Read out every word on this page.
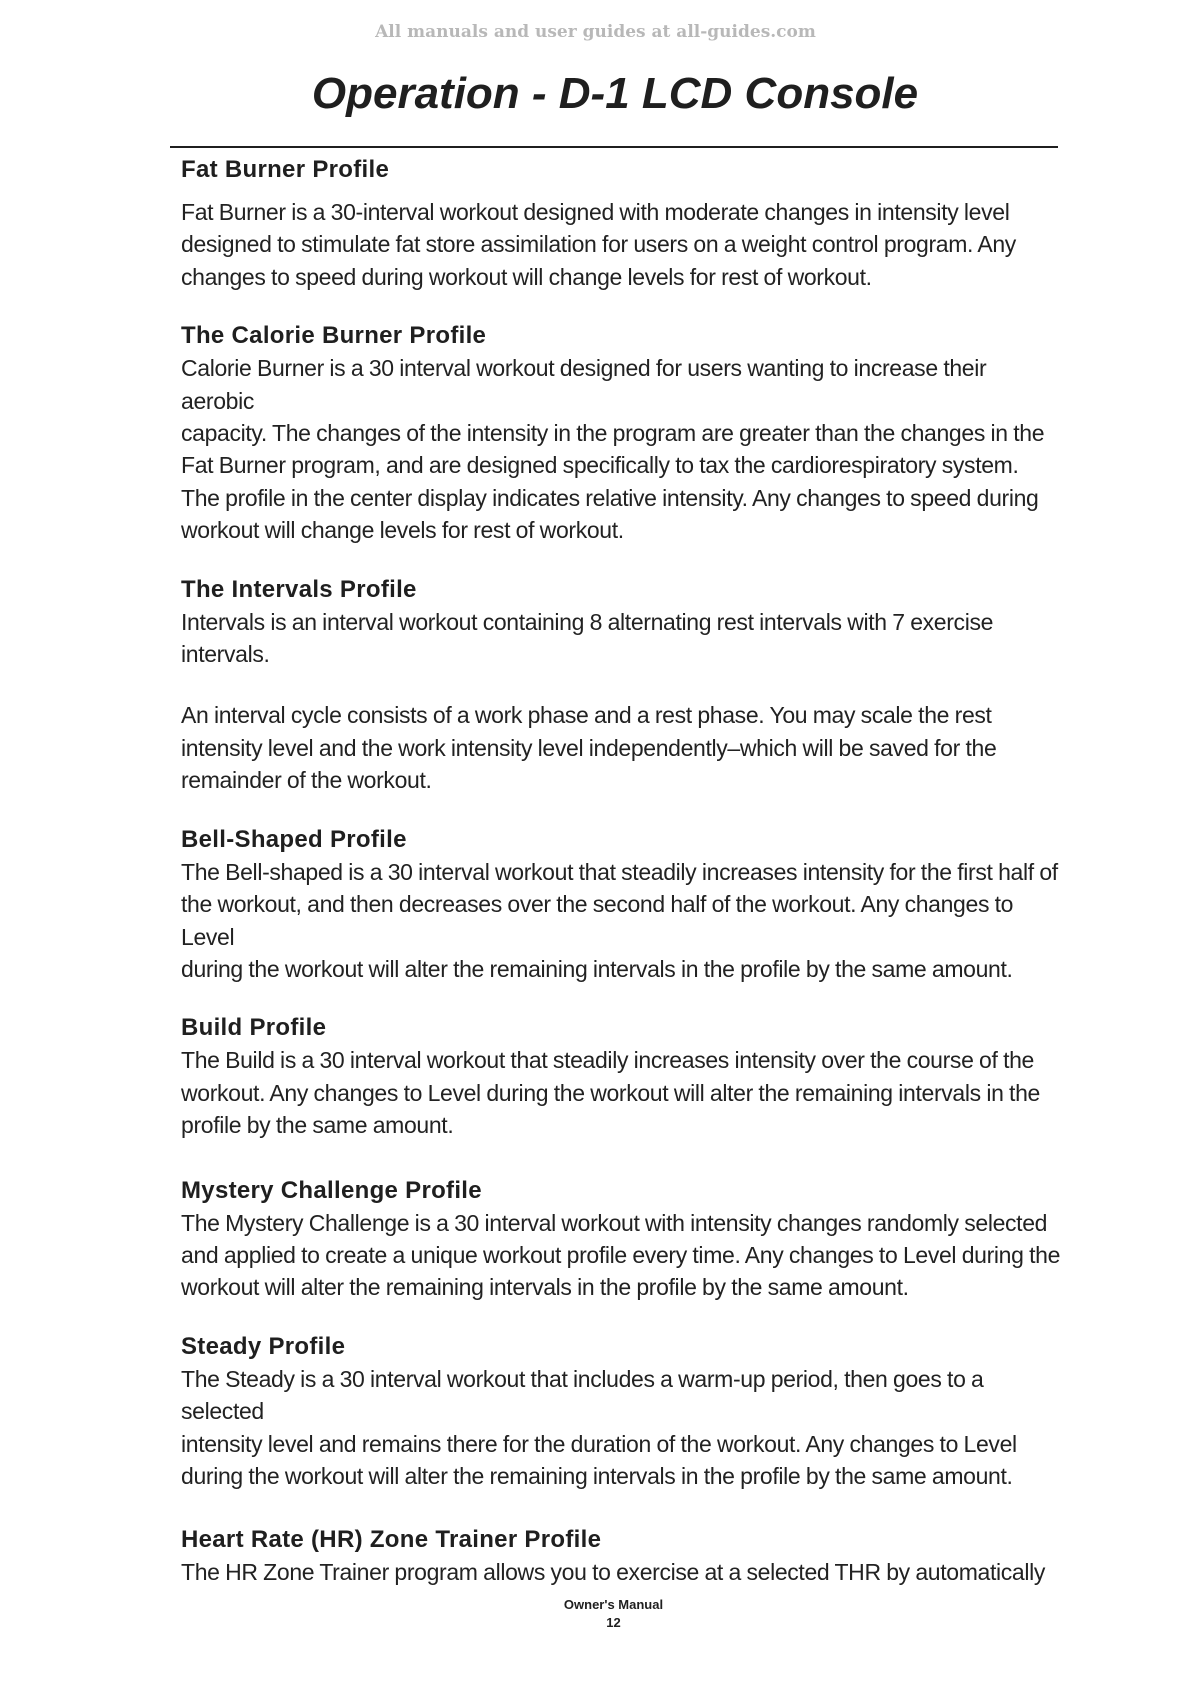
All manuals and user guides at all-guides.com
Operation - D-1 LCD Console
Fat Burner Profile

Fat Burner is a 30-interval workout designed with moderate changes in intensity level
designed to stimulate fat store assimilation for users on a weight control program. Any
changes to speed during workout will change levels for rest of workout.

The Calorie Burner Profile

Calorie Burner is a 30 interval workout designed for users wanting to increase their aerobic
capacity. The changes of the intensity in the program are greater than the changes in the
Fat Burner program, and are designed specifically to tax the cardiorespiratory system.
The profile in the center display indicates relative intensity. Any changes to speed during
workout will change levels for rest of workout.

The Intervals Profile

Intervals is an interval workout containing 8 alternating rest intervals with 7 exercise
intervals.

An interval cycle consists of a work phase and a rest phase. You may scale the rest
intensity level and the work intensity level independently–which will be saved for the
remainder of the workout.

Bell-Shaped Profile

The Bell-shaped is a 30 interval workout that steadily increases intensity for the first half of
the workout, and then decreases over the second half of the workout. Any changes to Level
during the workout will alter the remaining intervals in the profile by the same amount.

Build Profile

The Build is a 30 interval workout that steadily increases intensity over the course of the
workout. Any changes to Level during the workout will alter the remaining intervals in the
profile by the same amount.

Mystery Challenge Profile

The Mystery Challenge is a 30 interval workout with intensity changes randomly selected
and applied to create a unique workout profile every time. Any changes to Level during the
workout will alter the remaining intervals in the profile by the same amount.

Steady Profile

The Steady is a 30 interval workout that includes a warm-up period, then goes to a selected
intensity level and remains there for the duration of the workout. Any changes to Level
during the workout will alter the remaining intervals in the profile by the same amount.

Heart Rate (HR) Zone Trainer Profile

The HR Zone Trainer program allows you to exercise at a selected THR by automatically

Owner's Manual
12
